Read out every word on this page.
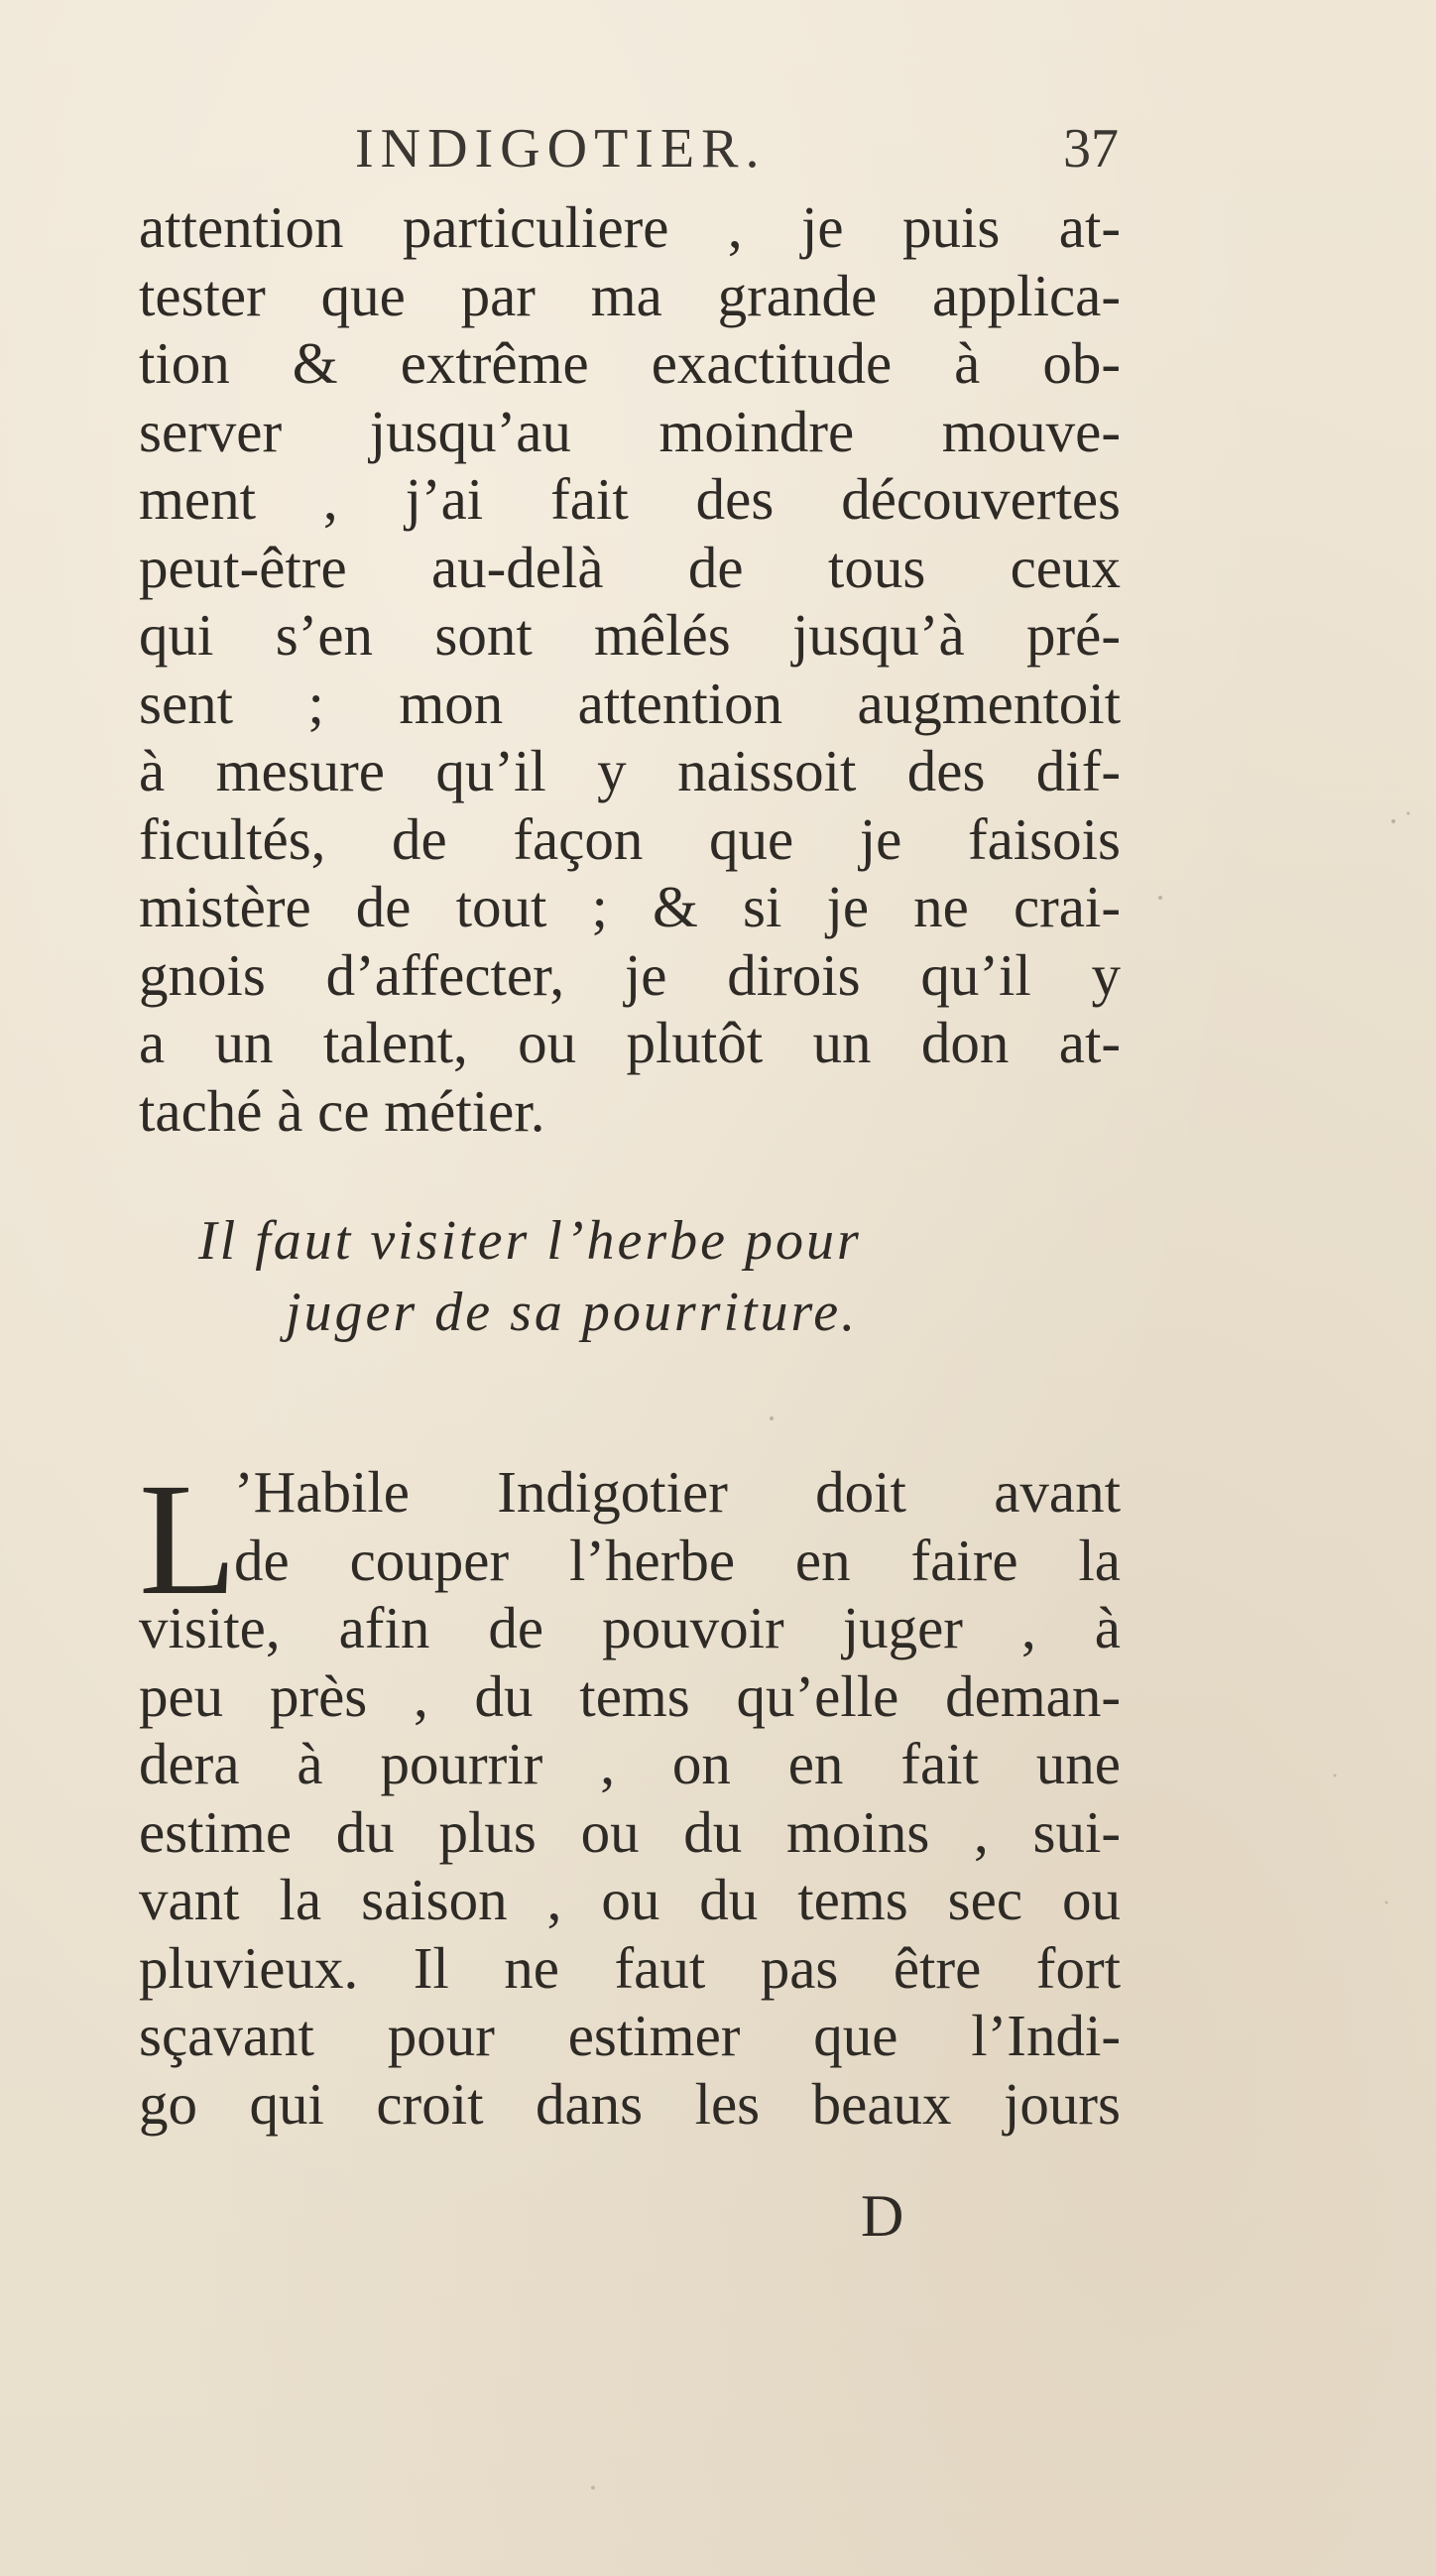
INDIGOTIER.	37
attention particuliere , je puis at-
tester que par ma grande applica-
tion & extrême exactitude à ob-
server jusqu’au moindre mouve-
ment , j’ai fait des découvertes
peut-être au-delà de tous ceux
qui s’en sont mêlés jusqu’à pré-
sent ; mon attention augmentoit
à mesure qu’il y naissoit des dif-
ficultés, de façon que je faisois
mistère de tout ; & si je ne crai-
gnois d’affecter, je dirois qu’il y
a un talent, ou plutôt un don at-
taché à ce métier.
Il faut visiter l’herbe pour
juger de sa pourriture.
L
’Habile Indigotier doit avant
de couper l’herbe en faire la
visite, afin de pouvoir juger , à
peu près , du tems qu’elle deman-
dera à pourrir , on en fait une
estime du plus ou du moins , sui-
vant la saison , ou du tems sec ou
pluvieux. Il ne faut pas être fort
sçavant pour estimer que l’Indi-
go qui croit dans les beaux jours
D
